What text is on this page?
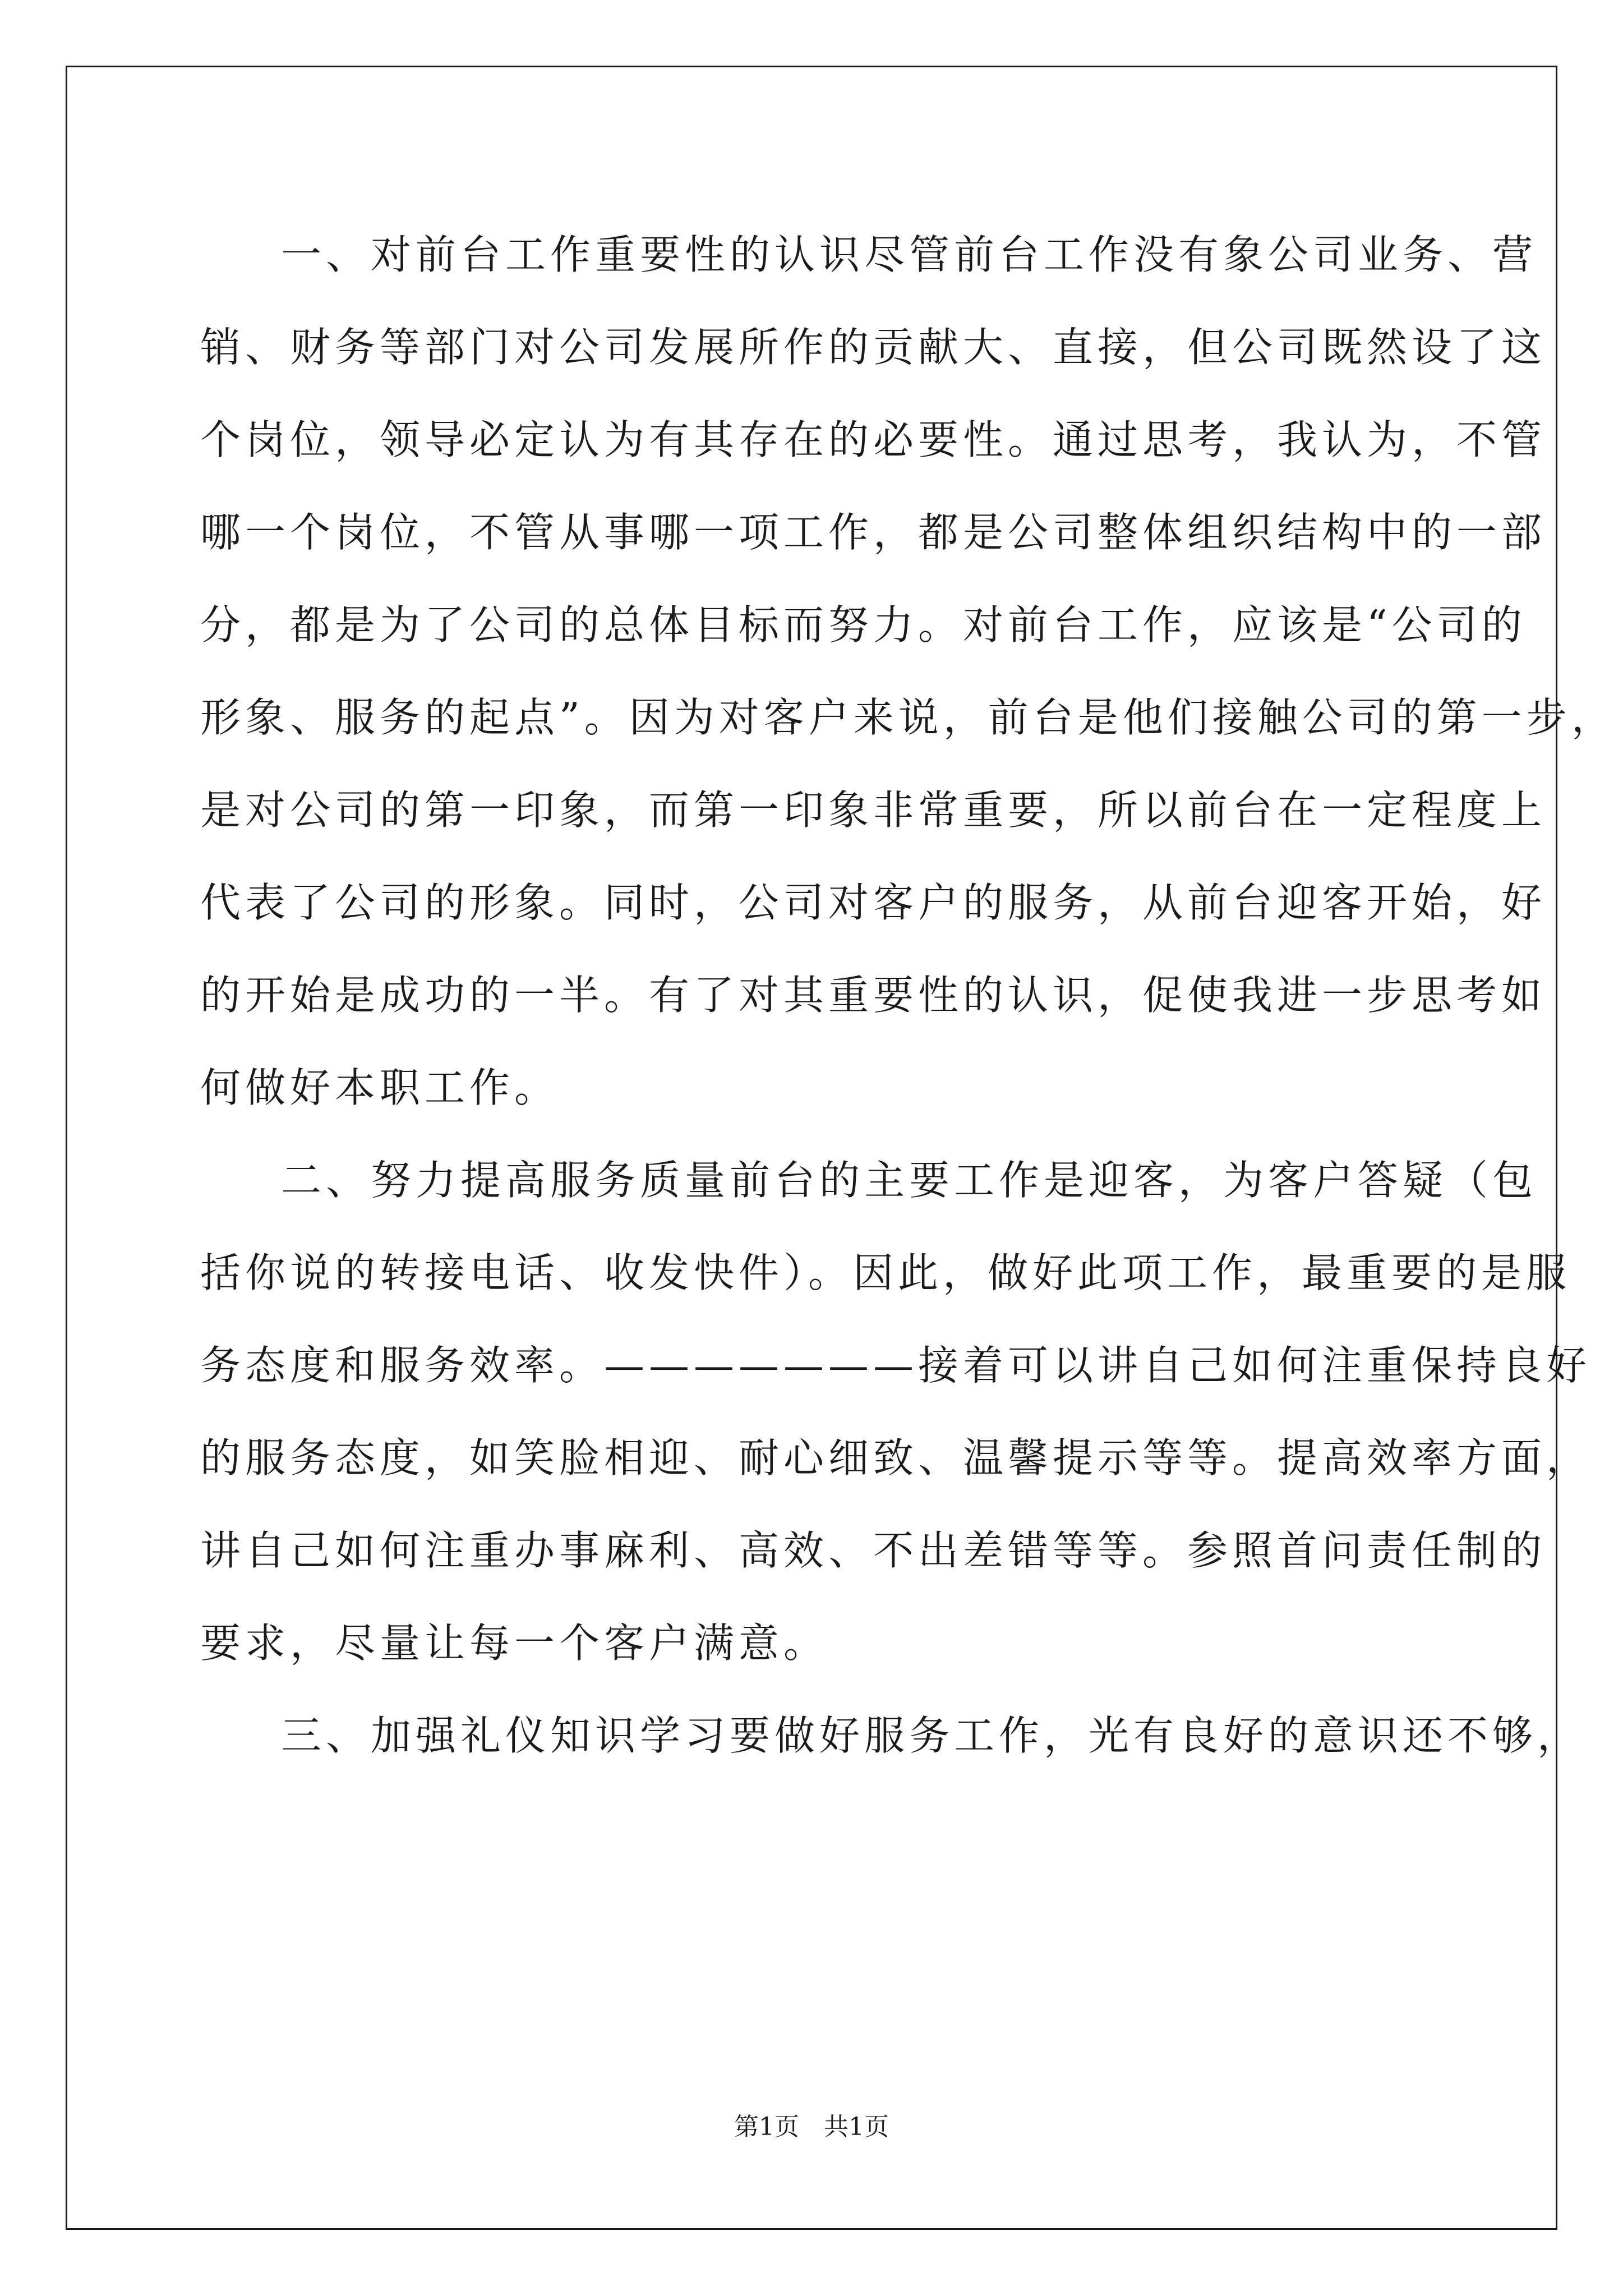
一、对前台工作重要性的认识尽管前台工作没有象公司业务、营
销、财务等部门对公司发展所作的贡献大、直接，但公司既然设了这
个岗位，领导必定认为有其存在的必要性。通过思考，我认为，不管
哪一个岗位，不管从事哪一项工作，都是公司整体组织结构中的一部
分，都是为了公司的总体目标而努力。对前台工作，应该是“公司的
形象、服务的起点”。因为对客户来说，前台是他们接触公司的第一步，
是对公司的第一印象，而第一印象非常重要，所以前台在一定程度上
代表了公司的形象。同时，公司对客户的服务，从前台迎客开始，好
的开始是成功的一半。有了对其重要性的认识，促使我进一步思考如
何做好本职工作。
二、努力提高服务质量前台的主要工作是迎客，为客户答疑（包
括你说的转接电话、收发快件）。因此，做好此项工作，最重要的是服
务态度和服务效率。———————接着可以讲自己如何注重保持良好
的服务态度，如笑脸相迎、耐心细致、温馨提示等等。提高效率方面，
讲自己如何注重办事麻利、高效、不出差错等等。参照首问责任制的
要求，尽量让每一个客户满意。
三、加强礼仪知识学习要做好服务工作，光有良好的意识还不够，
第1页　共1页
